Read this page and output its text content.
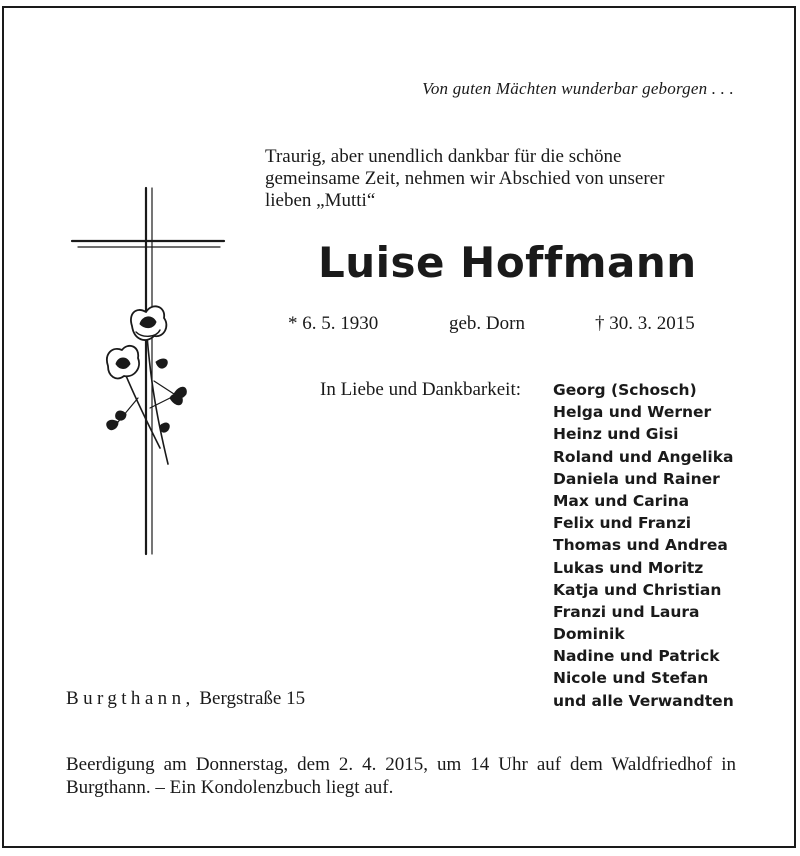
Von guten Mächten wunderbar geborgen . . .
Traurig, aber unendlich dankbar für die schöne
gemeinsame Zeit, nehmen wir Abschied von unserer
lieben „Mutti“
Luise Hoffmann
* 6. 5. 1930	geb. Dorn	† 30. 3. 2015
In Liebe und Dankbarkeit: Georg (Schosch)
Helga und Werner
Heinz und Gisi
Roland und Angelika
Daniela und Rainer
Max und Carina
Felix und Franzi
Thomas und Andrea
Lukas und Moritz
Katja und Christian
Franzi und Laura
Dominik
Nadine und Patrick
Nicole und Stefan
und alle Verwandten
Burgthann, Bergstraße 15
Beerdigung am Donnerstag, dem 2. 4. 2015, um 14 Uhr auf dem Waldfriedhof in
Burgthann. – Ein Kondolenzbuch liegt auf.
